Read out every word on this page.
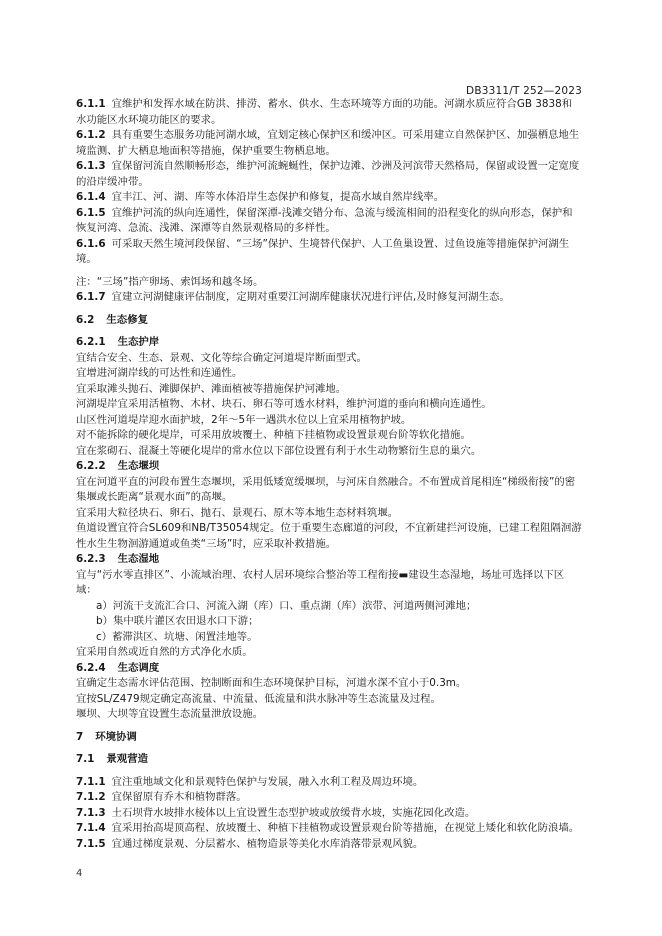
DB3311/T 252—2023

6.1.1 宜维护和发挥水域在防洪、排涝、蓄水、供水、生态环境等方面的功能。河湖水质应符合GB 3838和水功能区水环境功能区的要求。

6.1.2 具有重要生态服务功能河湖水域，宜划定核心保护区和缓冲区。可采用建立自然保护区、加强栖息地生境监测、扩大栖息地面积等措施，保护重要生物栖息地。

6.1.3 宜保留河流自然顺畅形态，维护河流蜿蜒性，保护边滩、沙洲及河滨带天然格局，保留或设置一定宽度的沿岸缓冲带。

6.1.4 宜丰江、河、湖、库等水体沿岸生态保护和修复，提高水域自然岸线率。

6.1.5 宜维护河流的纵向连通性，保留深潭-浅滩交错分布、急流与缓流相间的沿程变化的纵向形态，保护和恢复河湾、急流、浅滩、深潭等自然景观格局的多样性。

6.1.6 可采取天然生境河段保留、“三场”保护、生境替代保护、人工鱼巢设置、过鱼设施等措施保护河湖生境。

注：“三场”指产卵场、索饵场和越冬场。

6.1.7 宜建立河湖健康评估制度，定期对重要江河湖库健康状况进行评估,及时修复河湖生态。

6.2 生态修复

6.2.1 生态护岸

宜结合安全、生态、景观、文化等综合确定河道堤岸断面型式。

宜增进河湖岸线的可达性和连通性。

宜采取滩头抛石、滩脚保护、滩面植被等措施保护河滩地。

河湖堤岸宜采用活植物、木材、块石、卵石等可透水材料，维护河道的垂向和横向连通性。

山区性河道堤岸迎水面护坡，2年～5年一遇洪水位以上宜采用植物护坡。

对不能拆除的硬化堤岸，可采用放坡覆土、种植下挂植物或设置景观台阶等软化措施。

宜在浆砌石、混凝土等硬化堤岸的常水位以下部位设置有利于水生动物繁衍生息的巢穴。

6.2.2 生态堰坝

宜在河道平直的河段布置生态堰坝，采用低矮宽缓堰坝，与河床自然融合。不布置成首尾相连“梯级衔接”的密集堰或长距离“景观水面”的高堰。

宜采用大粒径块石、卵石、抛石、景观石、原木等本地生态材料筑堰。

鱼道设置宜符合SL609和NB/T35054规定。位于重要生态廊道的河段，不宜新建拦河设施，已建工程阻隔洄游性水生生物洄游通道或鱼类“三场”时，应采取补救措施。

6.2.3 生态湿地

宜与“污水零直排区”、小流域治理、农村人居环境综合整治等工程衔接▬建设生态湿地，场址可选择以下区域：

a）河流干支流汇合口、河流入湖（库）口、重点湖（库）滨带、河道两侧河滩地；

b）集中联片灌区农田退水口下游；

c）蓄滞洪区、坑塘、闲置洼地等。

宜采用自然或近自然的方式净化水质。

6.2.4 生态调度

宜确定生态需水评估范围、控制断面和生态环境保护目标，河道水深不宜小于0.3m。

宜按SL/Z479规定确定高流量、中流量、低流量和洪水脉冲等生态流量及过程。

堰坝、大坝等宜设置生态流量泄放设施。

7 环境协调

7.1 景观营造

7.1.1 宜注重地域文化和景观特色保护与发展，融入水利工程及周边环境。

7.1.2 宜保留原有乔木和植物群落。

7.1.3 土石坝背水坡排水棱体以上宜设置生态型护坡或放缓背水坡，实施花园化改造。

7.1.4 宜采用抬高堤顶高程、放坡覆土、种植下挂植物或设置景观台阶等措施，在视觉上矮化和软化防浪墙。

7.1.5 宜通过梯度景观、分层蓄水、植物造景等美化水库消落带景观风貌。

4
